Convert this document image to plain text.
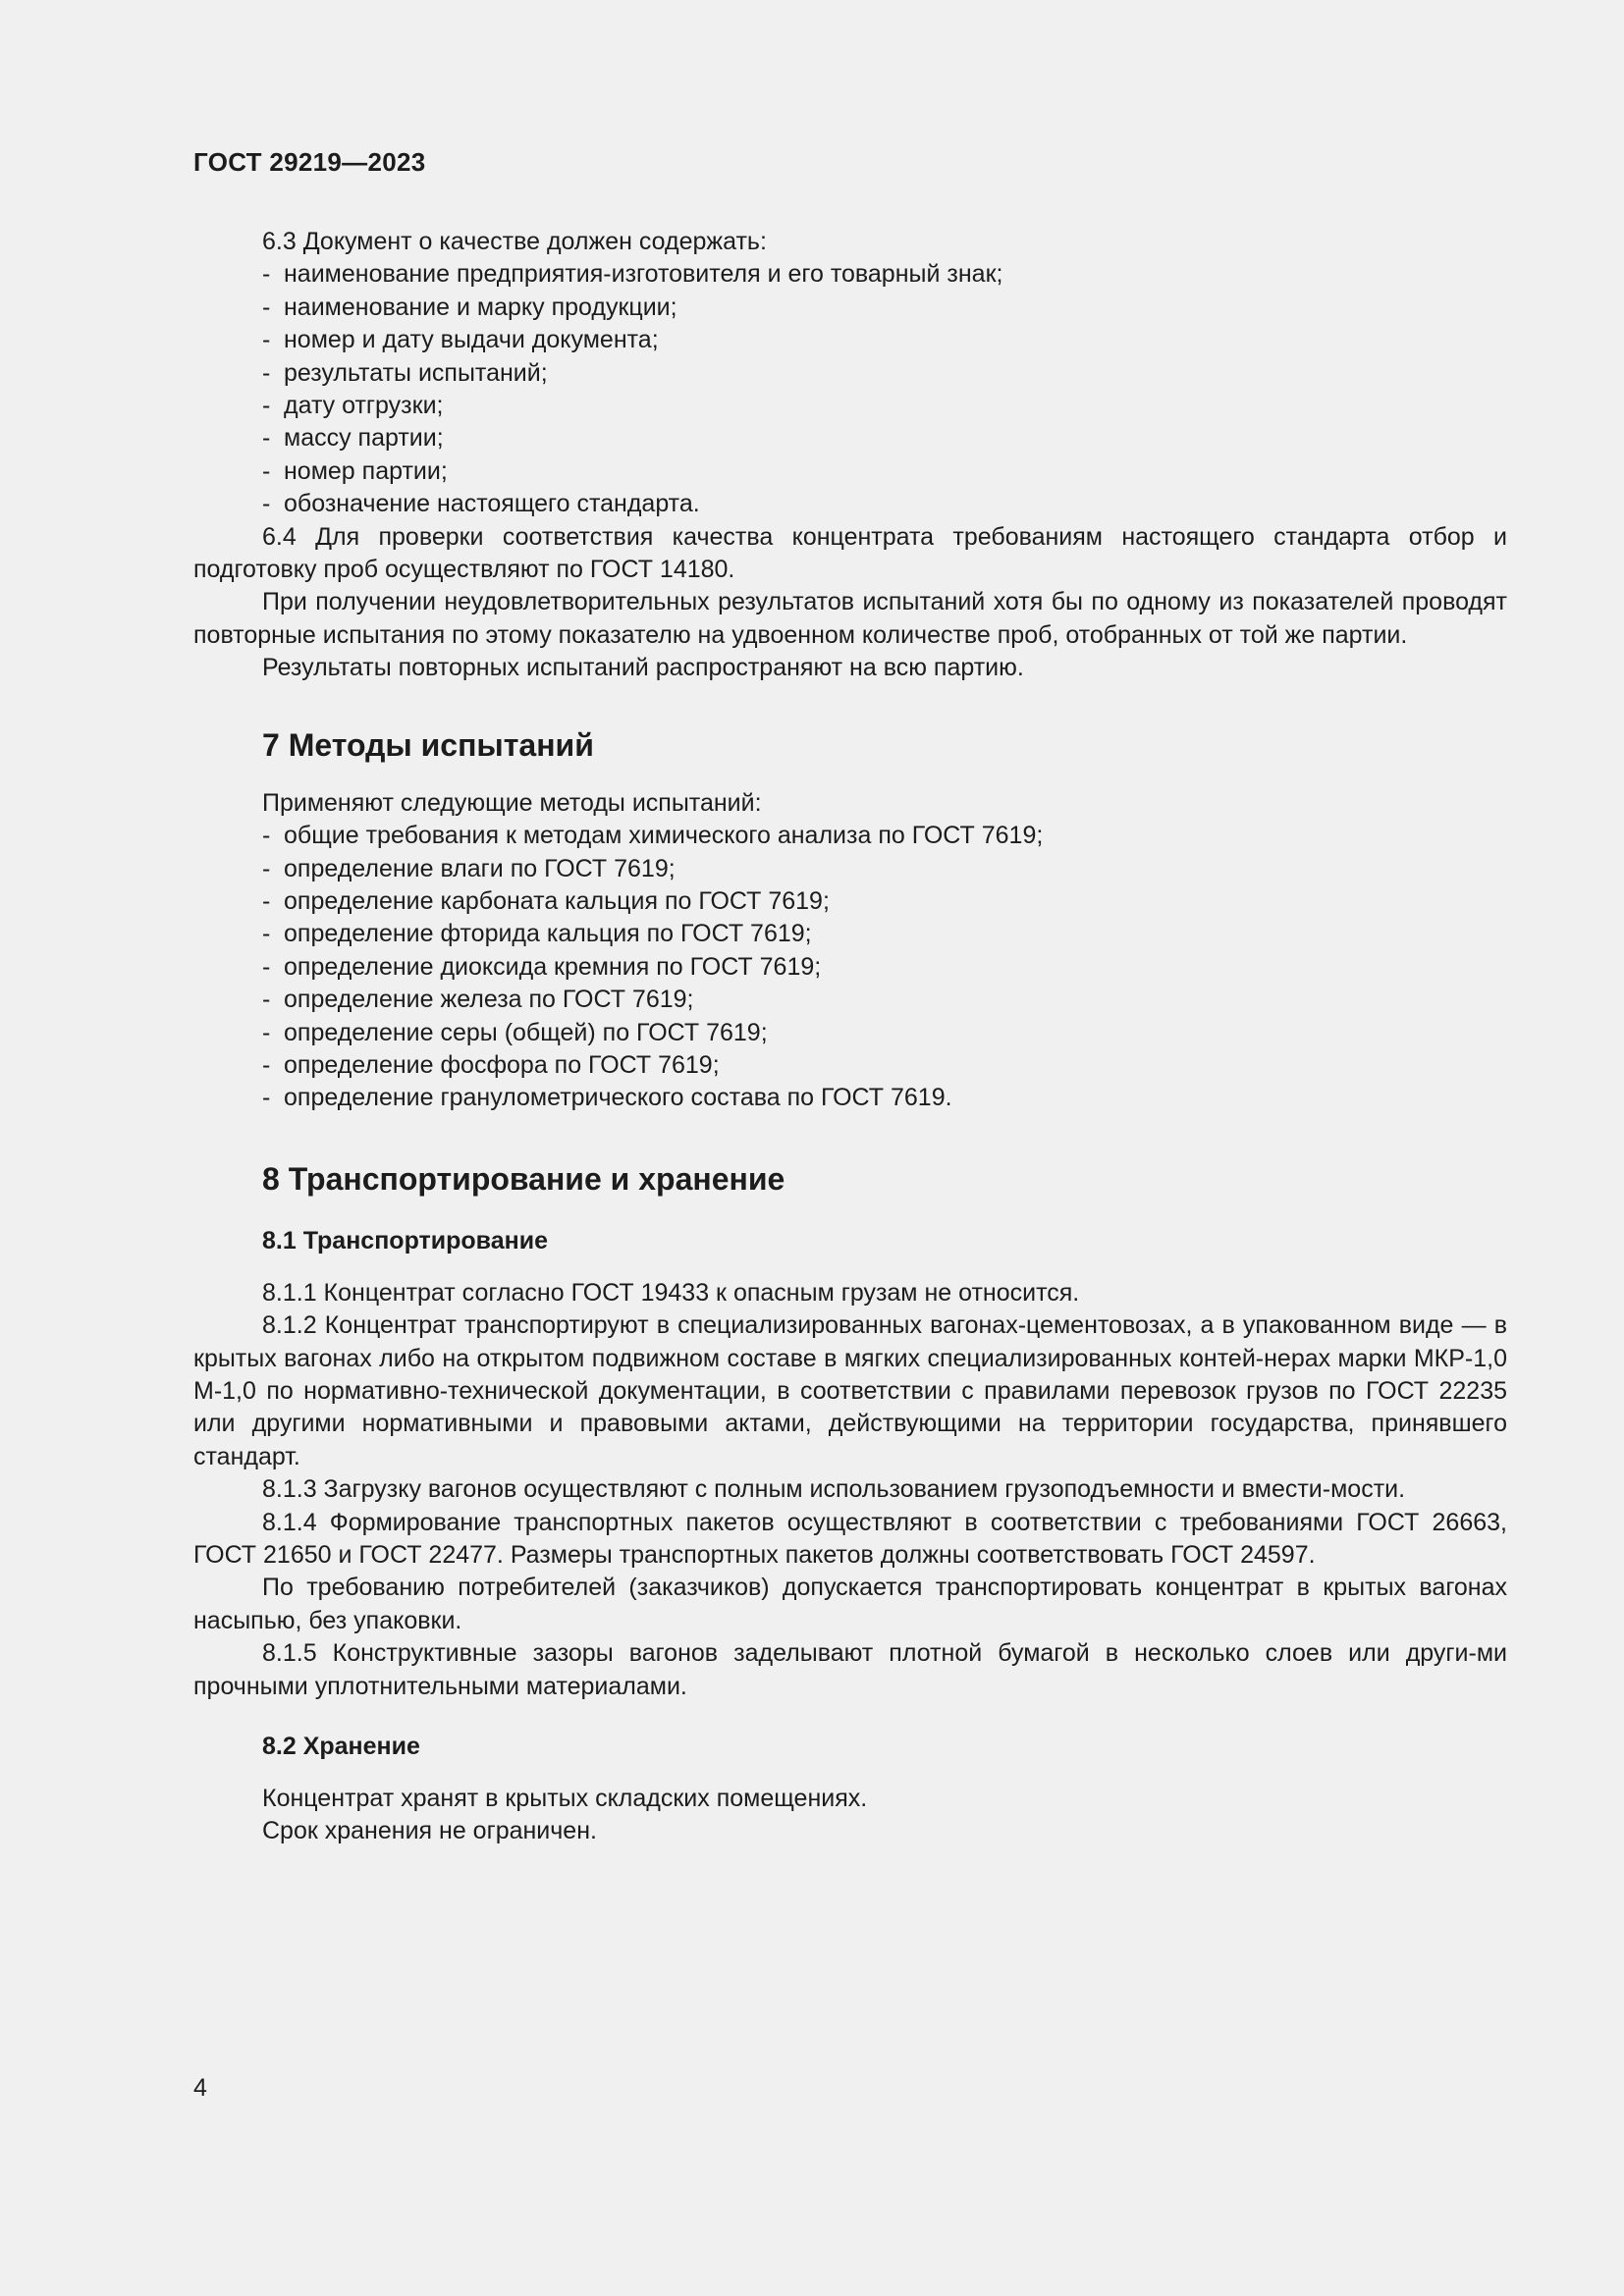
ГОСТ 29219—2023

6.3 Документ о качестве должен содержать:

- наименование предприятия-изготовителя и его товарный знак;

- наименование и марку продукции;

- номер и дату выдачи документа;

- результаты испытаний;

- дату отгрузки;

- массу партии;

- номер партии;

- обозначение настоящего стандарта.

6.4 Для проверки соответствия качества концентрата требованиям настоящего стандарта отбор и подготовку проб осуществляют по ГОСТ 14180.

При получении неудовлетворительных результатов испытаний хотя бы по одному из показателей проводят повторные испытания по этому показателю на удвоенном количестве проб, отобранных от той же партии.

Результаты повторных испытаний распространяют на всю партию.

7 Методы испытаний

Применяют следующие методы испытаний:

- общие требования к методам химического анализа по ГОСТ 7619;

- определение влаги по ГОСТ 7619;

- определение карбоната кальция по ГОСТ 7619;

- определение фторида кальция по ГОСТ 7619;

- определение диоксида кремния по ГОСТ 7619;

- определение железа по ГОСТ 7619;

- определение серы (общей) по ГОСТ 7619;

- определение фосфора по ГОСТ 7619;

- определение гранулометрического состава по ГОСТ 7619.

8 Транспортирование и хранение
8.1 Транспортирование

8.1.1 Концентрат согласно ГОСТ 19433 к опасным грузам не относится.

8.1.2 Концентрат транспортируют в специализированных вагонах-цементовозах, а в упакованном виде — в крытых вагонах либо на открытом подвижном составе в мягких специализированных контей-нерах марки МКР-1,0 М-1,0 по нормативно-технической документации, в соответствии с правилами перевозок грузов по ГОСТ 22235 или другими нормативными и правовыми актами, действующими на территории государства, принявшего стандарт.

8.1.3 Загрузку вагонов осуществляют с полным использованием грузоподъемности и вмести-мости.

8.1.4 Формирование транспортных пакетов осуществляют в соответствии с требованиями ГОСТ 26663, ГОСТ 21650 и ГОСТ 22477. Размеры транспортных пакетов должны соответствовать ГОСТ 24597.

По требованию потребителей (заказчиков) допускается транспортировать концентрат в крытых вагонах насыпью, без упаковки.

8.1.5 Конструктивные зазоры вагонов заделывают плотной бумагой в несколько слоев или други-ми прочными уплотнительными материалами.

8.2 Хранение

Концентрат хранят в крытых складских помещениях.

Срок хранения не ограничен.

4
